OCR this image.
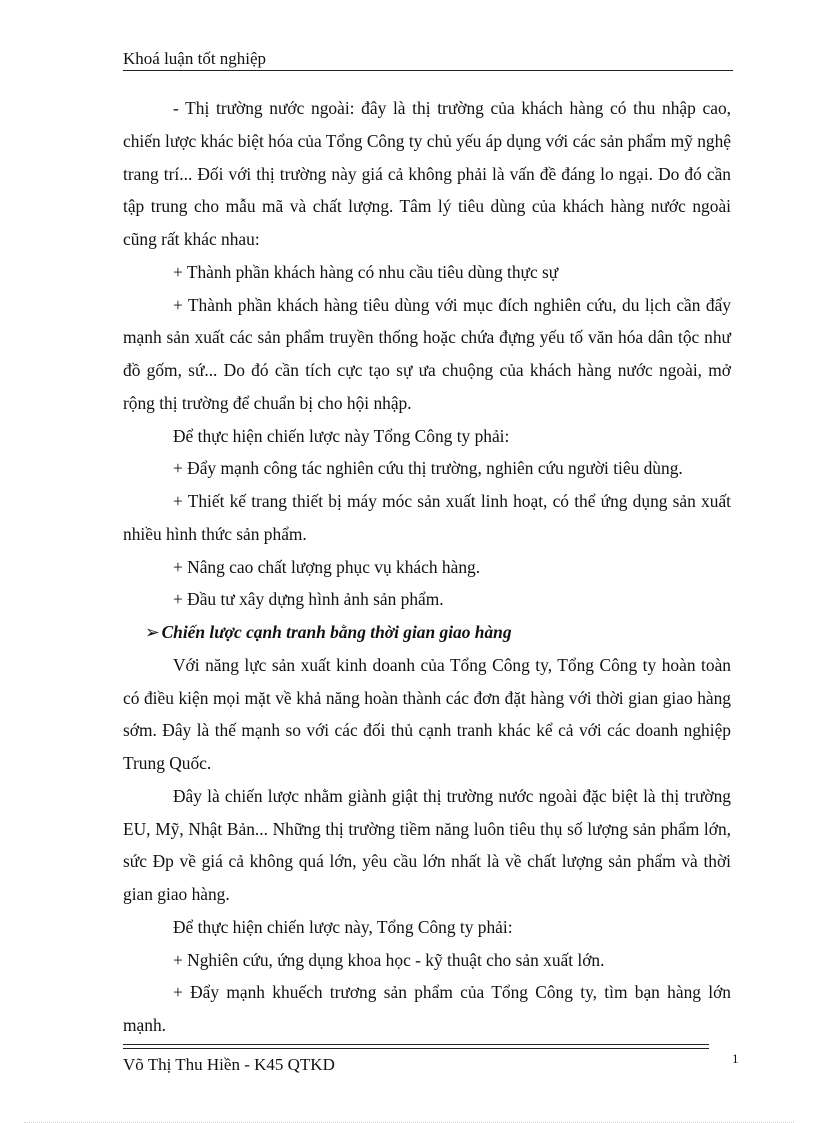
Khoá luận tốt nghiệp

- Thị trường nước ngoài: đây là thị trường của khách hàng có thu nhập cao, chiến lược khác biệt hóa của Tổng Công ty chủ yếu áp dụng với các sản phẩm mỹ nghệ trang trí... Đối với thị trường này giá cả không phải là vấn đề đáng lo ngại. Do đó cần tập trung cho mẫu mã và chất lượng. Tâm lý tiêu dùng của khách hàng nước ngoài cũng rất khác nhau:

+ Thành phần khách hàng có nhu cầu tiêu dùng thực sự

+ Thành phần khách hàng tiêu dùng với mục đích nghiên cứu, du lịch cần đẩy mạnh sản xuất các sản phẩm truyền thống hoặc chứa đựng yếu tố văn hóa dân tộc như đồ gốm, sứ... Do đó cần tích cực tạo sự ưa chuộng của khách hàng nước ngoài, mở rộng thị trường để chuẩn bị cho hội nhập.

Để thực hiện chiến lược này Tổng Công ty phải:

+ Đẩy mạnh công tác nghiên cứu thị trường, nghiên cứu người tiêu dùng.

+ Thiết kế trang thiết bị máy móc sản xuất linh hoạt, có thể ứng dụng sản xuất nhiều hình thức sản phẩm.

+ Nâng cao chất lượng phục vụ khách hàng.

+ Đầu tư xây dựng hình ảnh sản phẩm.

➢ Chiến lược cạnh tranh bằng thời gian giao hàng

Với năng lực sản xuất kinh doanh của Tổng Công ty, Tổng Công ty hoàn toàn có điều kiện mọi mặt về khả năng hoàn thành các đơn đặt hàng với thời gian giao hàng sớm. Đây là thế mạnh so với các đối thủ cạnh tranh khác kể cả với các doanh nghiệp Trung Quốc.

Đây là chiến lược nhằm giành giật thị trường nước ngoài đặc biệt là thị trường EU, Mỹ, Nhật Bản... Những thị trường tiềm năng luôn tiêu thụ số lượng sản phẩm lớn, sức Ðp về giá cả không quá lớn, yêu cầu lớn nhất là về chất lượng sản phẩm và thời gian giao hàng.

Để thực hiện chiến lược này, Tổng Công ty phải:

+ Nghiên cứu, ứng dụng khoa học - kỹ thuật cho sản xuất lớn.

+ Đẩy mạnh khuếch trương sản phẩm của Tổng Công ty, tìm bạn hàng lớn mạnh.

Võ Thị Thu Hiền - K45 QTKD	1
